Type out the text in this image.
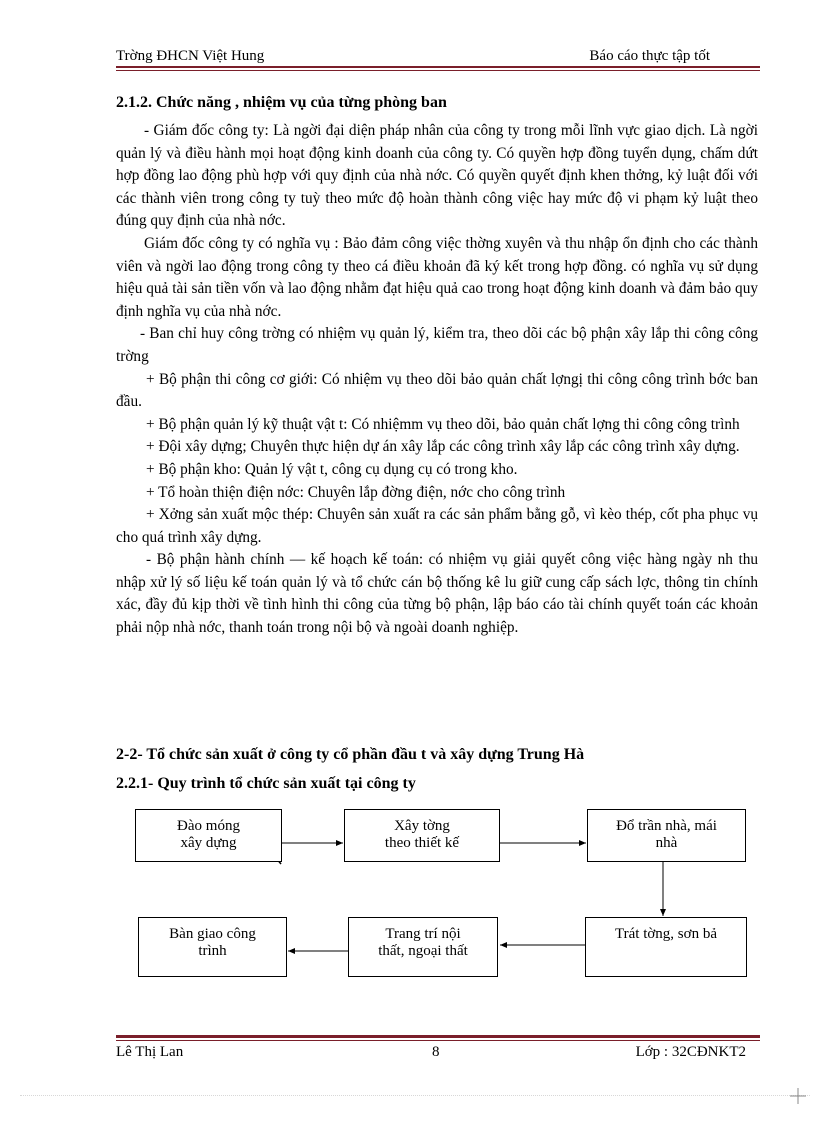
Trờng ĐHCN Việt Hung	Báo cáo thực tập tốt
2.1.2. Chức năng , nhiệm vụ của từng phòng ban

- Giám đốc công ty: Là ngời đại diện pháp nhân của công ty trong mỗi lĩnh vực giao dịch. Là ngời quản lý và điều hành mọi hoạt động kinh doanh của công ty. Có quyền hợp đồng tuyển dụng, chấm dứt hợp đồng lao động phù hợp với quy định của nhà nớc. Có quyền quyết định khen thởng, kỷ luật đối với các thành viên trong công ty tuỳ theo mức độ hoàn thành công việc hay mức độ vi phạm kỷ luật theo đúng quy định của nhà nớc.

Giám đốc công ty có nghĩa vụ : Bảo đảm công việc thờng xuyên và thu nhập ổn định cho các thành viên và ngời lao động trong công ty theo cá điều khoản đã ký kết trong hợp đồng. có nghĩa vụ sử dụng hiệu quả tài sản tiền vốn và lao động nhằm đạt hiệu quả cao trong hoạt động kinh doanh và đảm bảo quy định nghĩa vụ của nhà nớc.

- Ban chỉ huy công trờng có nhiệm vụ quản lý, kiểm tra, theo dõi các bộ phận xây lắp thi công công trờng

+ Bộ phận thi công cơ giới: Có nhiệm vụ theo dõi bảo quản chất lợngị thi công công trình bớc ban đầu.

+ Bộ phận quản lý kỹ thuật vật t: Có nhiệmm vụ theo dõi, bảo quản chất lợng thi công công trình

+ Đội xây dựng; Chuyên thực hiện dự án xây lắp các công trình xây lắp các công trình xây dựng.

+ Bộ phận kho: Quản lý vật t, công cụ dụng cụ có trong kho.

+ Tổ hoàn thiện điện nớc: Chuyên lắp đờng điện, nớc cho công trình

+ Xởng sản xuất mộc thép: Chuyên sản xuất ra các sản phẩm bằng gỗ, vì kèo thép, cốt pha phục vụ cho quá trình xây dựng.

- Bộ phận hành chính — kế hoạch kế toán: có nhiệm vụ giải quyết công việc hàng ngày nh thu nhập xử lý số liệu kế toán quản lý và tổ chức cán bộ thống kê lu giữ cung cấp sách lợc, thông tin chính xác, đầy đủ kịp thời về tình hình thi công của từng bộ phận, lập báo cáo tài chính quyết toán các khoản phải nộp nhà nớc, thanh toán trong nội bộ và ngoài doanh nghiệp.

2-2- Tổ chức sản xuất ở công ty cổ phần đầu t và xây dựng Trung Hà
2.2.1- Quy trình tổ chức sản xuất tại công ty
Đào móng
xây dựng
Xây tờng
theo thiết kế
Đổ trần nhà, mái
nhà
Trát tờng, sơn bả
Trang trí nội
thất, ngoại thất
Bàn giao công
trình
Lê Thị Lan	8	Lớp : 32CĐNKT2
